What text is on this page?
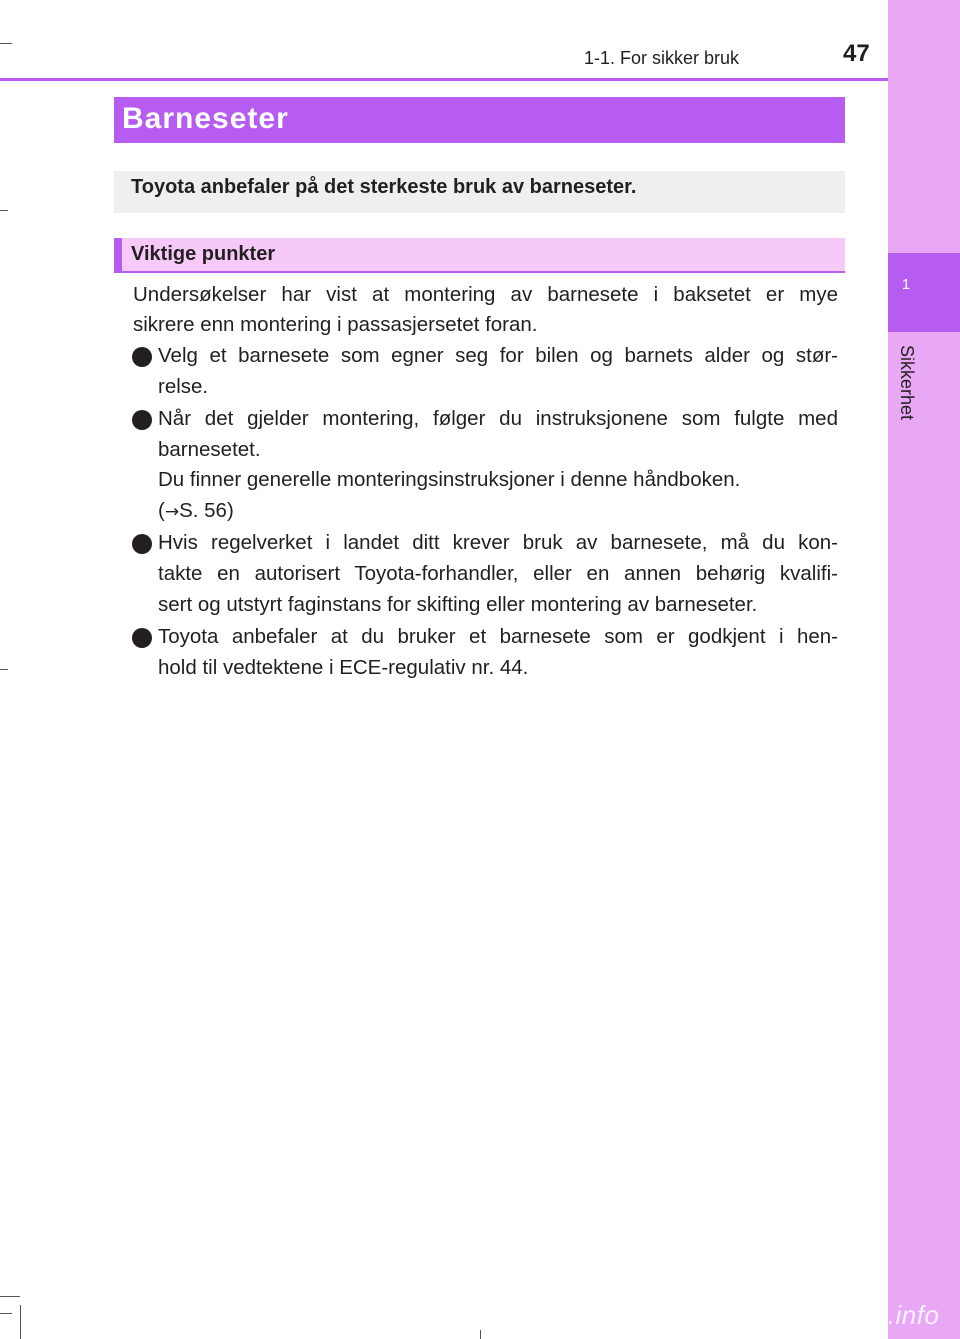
1
Sikkerhet
1-1. For sikker bruk	47
Barneseter
Toyota anbefaler på det sterkeste bruk av barneseter.
Viktige punkter
Undersøkelser har vist at montering av barnesete i baksetet er mye
sikrere enn montering i passasjersetet foran.
Velg et barnesete som egner seg for bilen og barnets alder og stør-
relse.
Når det gjelder montering, følger du instruksjonene som fulgte med
barnesetet.
Du finner generelle monteringsinstruksjoner i denne håndboken.
(→S. 56)
Hvis regelverket i landet ditt krever bruk av barnesete, må du kon-
takte en autorisert Toyota-forhandler, eller en annen behørig kvalifi-
sert og utstyrt faginstans for skifting eller montering av barneseter.
Toyota anbefaler at du bruker et barnesete som er godkjent i hen-
hold til vedtektene i ECE-regulativ nr. 44.
carmanualsonline.info
